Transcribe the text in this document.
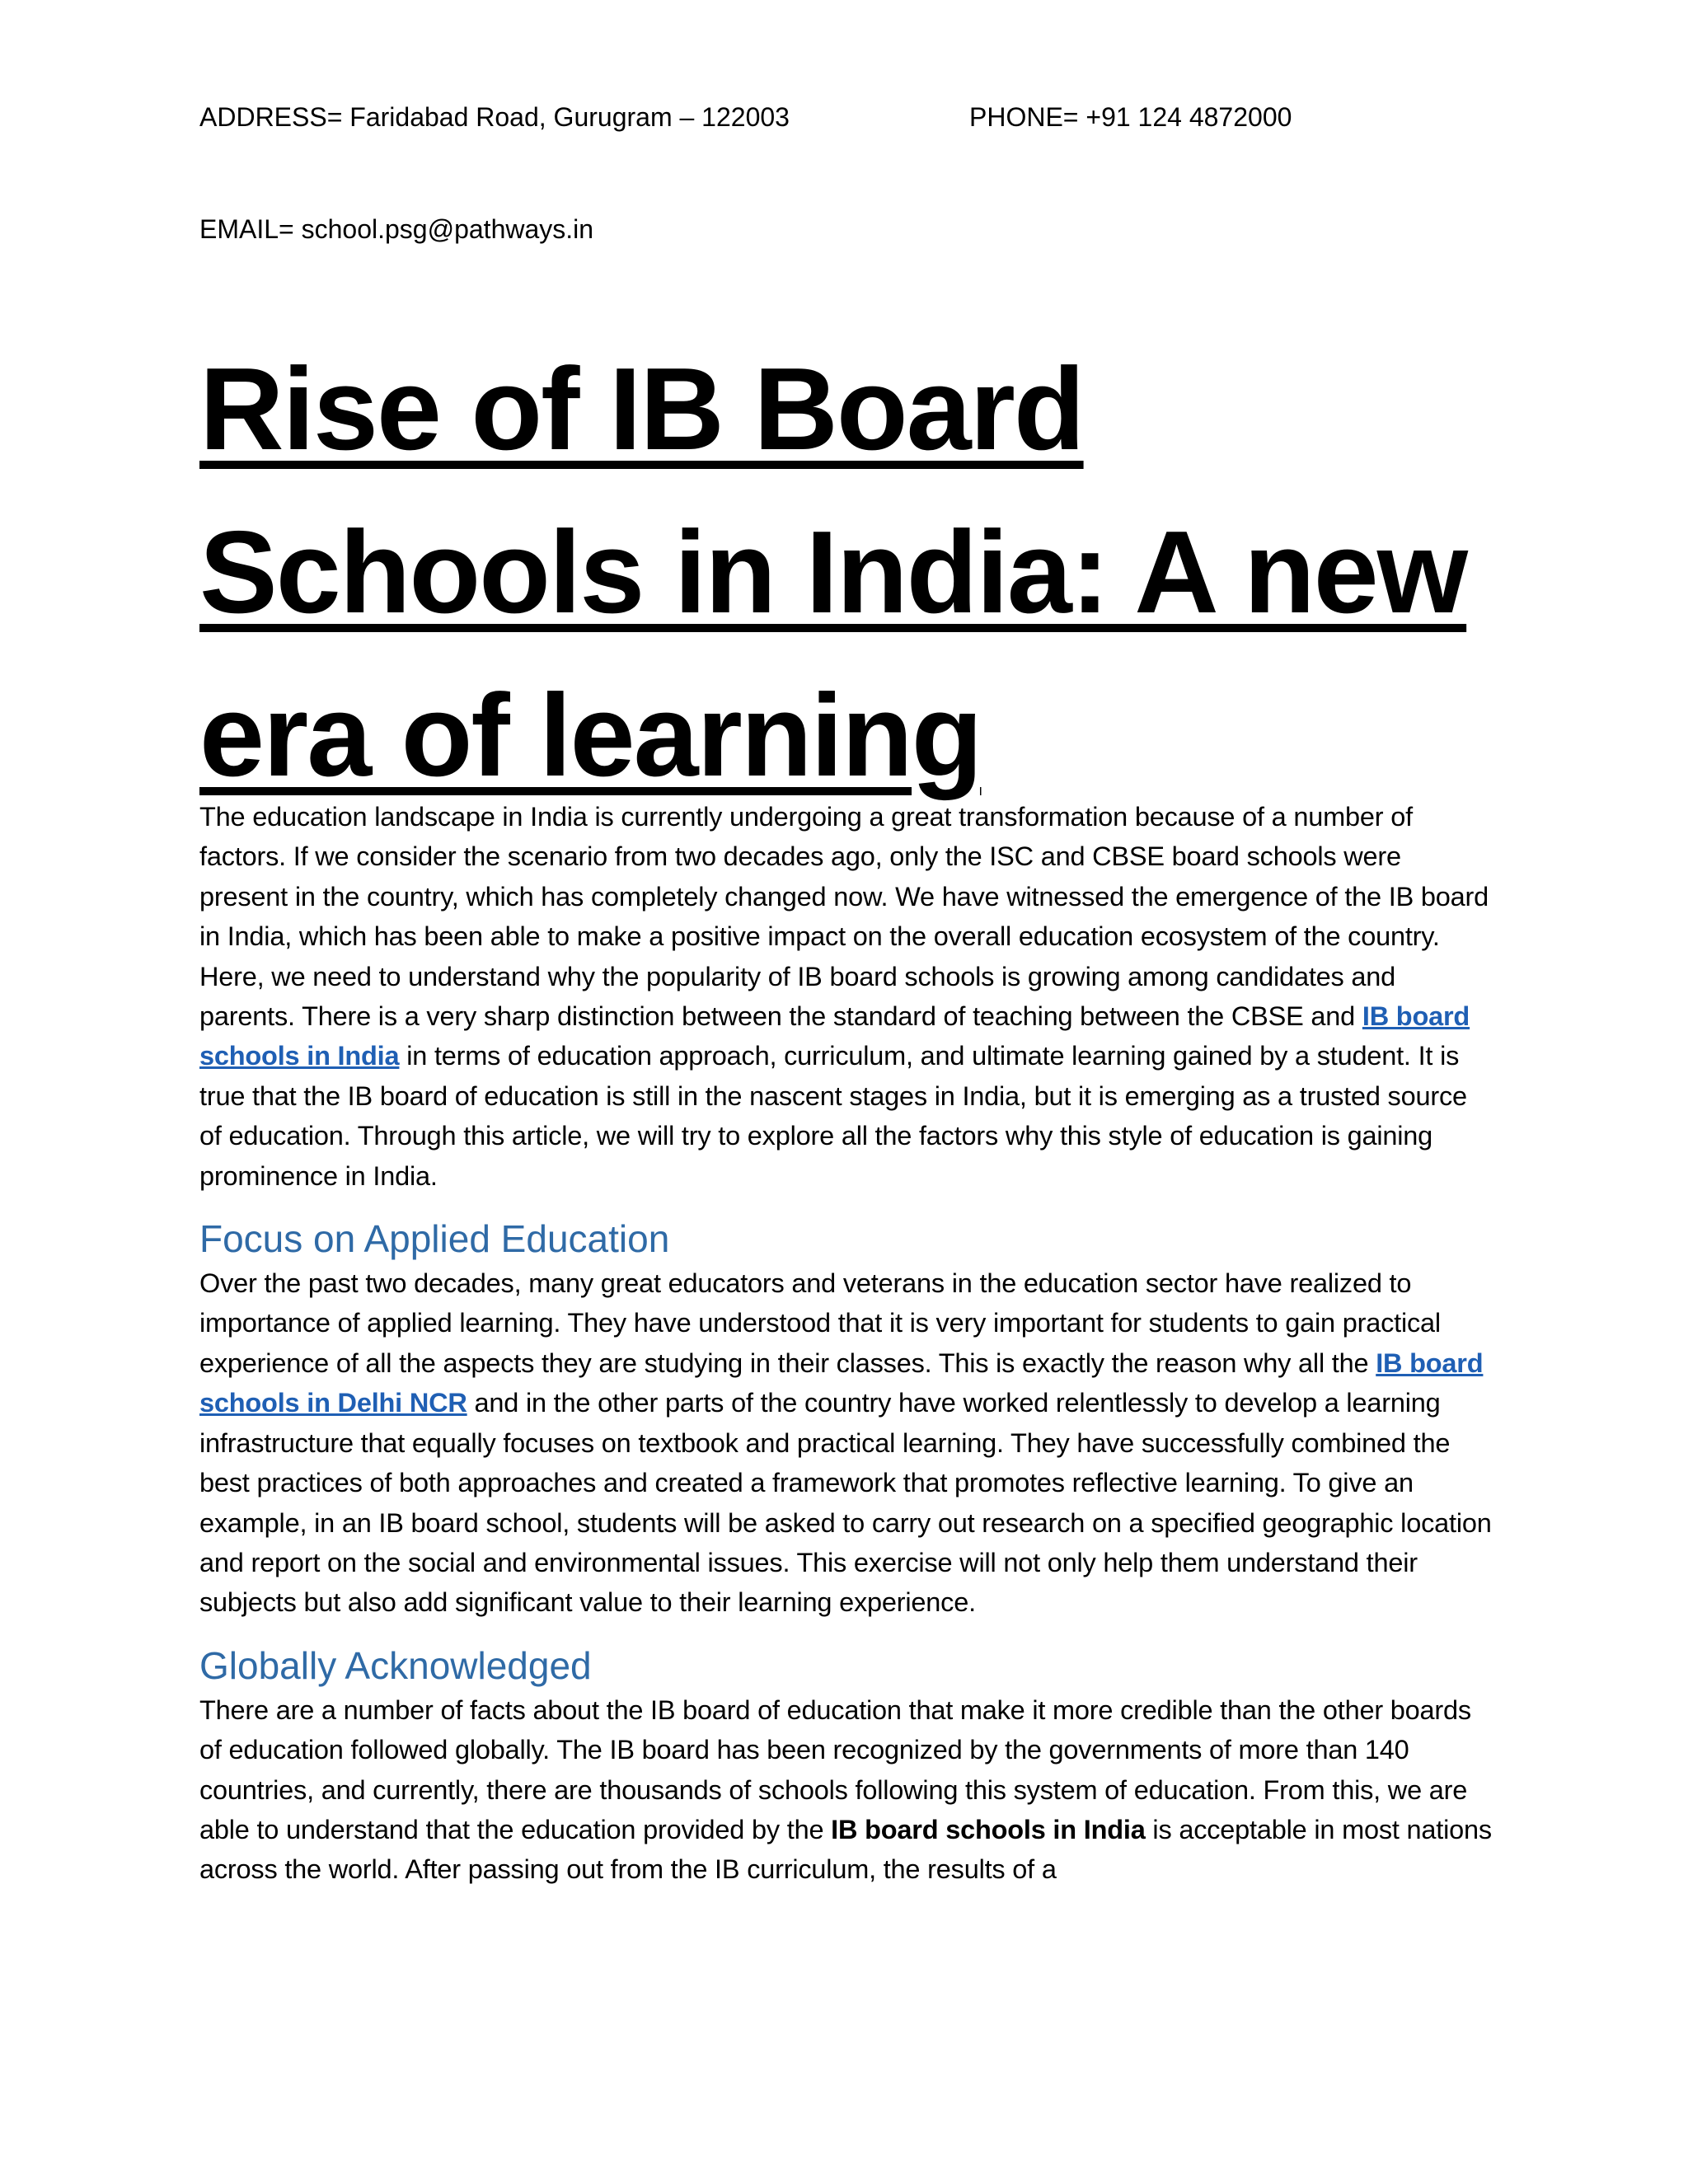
ADDRESS= Faridabad Road, Gurugram – 122003	PHONE= +91 124 4872000
EMAIL= school.psg@pathways.in
Rise of IB Board
Schools in India: A new
era of learning

The education landscape in India is currently undergoing a great transformation because of a number of factors. If we consider the scenario from two decades ago, only the ISC and CBSE board schools were present in the country, which has completely changed now. We have witnessed the emergence of the IB board in India, which has been able to make a positive impact on the overall education ecosystem of the country. Here, we need to understand why the popularity of IB board schools is growing among candidates and parents. There is a very sharp distinction between the standard of teaching between the CBSE and IB board schools in India in terms of education approach, curriculum, and ultimate learning gained by a student. It is true that the IB board of education is still in the nascent stages in India, but it is emerging as a trusted source of education. Through this article, we will try to explore all the factors why this style of education is gaining prominence in India.

Focus on Applied Education

Over the past two decades, many great educators and veterans in the education sector have realized to importance of applied learning. They have understood that it is very important for students to gain practical experience of all the aspects they are studying in their classes. This is exactly the reason why all the IB board schools in Delhi NCR and in the other parts of the country have worked relentlessly to develop a learning infrastructure that equally focuses on textbook and practical learning. They have successfully combined the best practices of both approaches and created a framework that promotes reflective learning. To give an example, in an IB board school, students will be asked to carry out research on a specified geographic location and report on the social and environmental issues. This exercise will not only help them understand their subjects but also add significant value to their learning experience.

Globally Acknowledged

There are a number of facts about the IB board of education that make it more credible than the other boards of education followed globally. The IB board has been recognized by the governments of more than 140 countries, and currently, there are thousands of schools following this system of education. From this, we are able to understand that the education provided by the IB board schools in India is acceptable in most nations across the world. After passing out from the IB curriculum, the results of a
